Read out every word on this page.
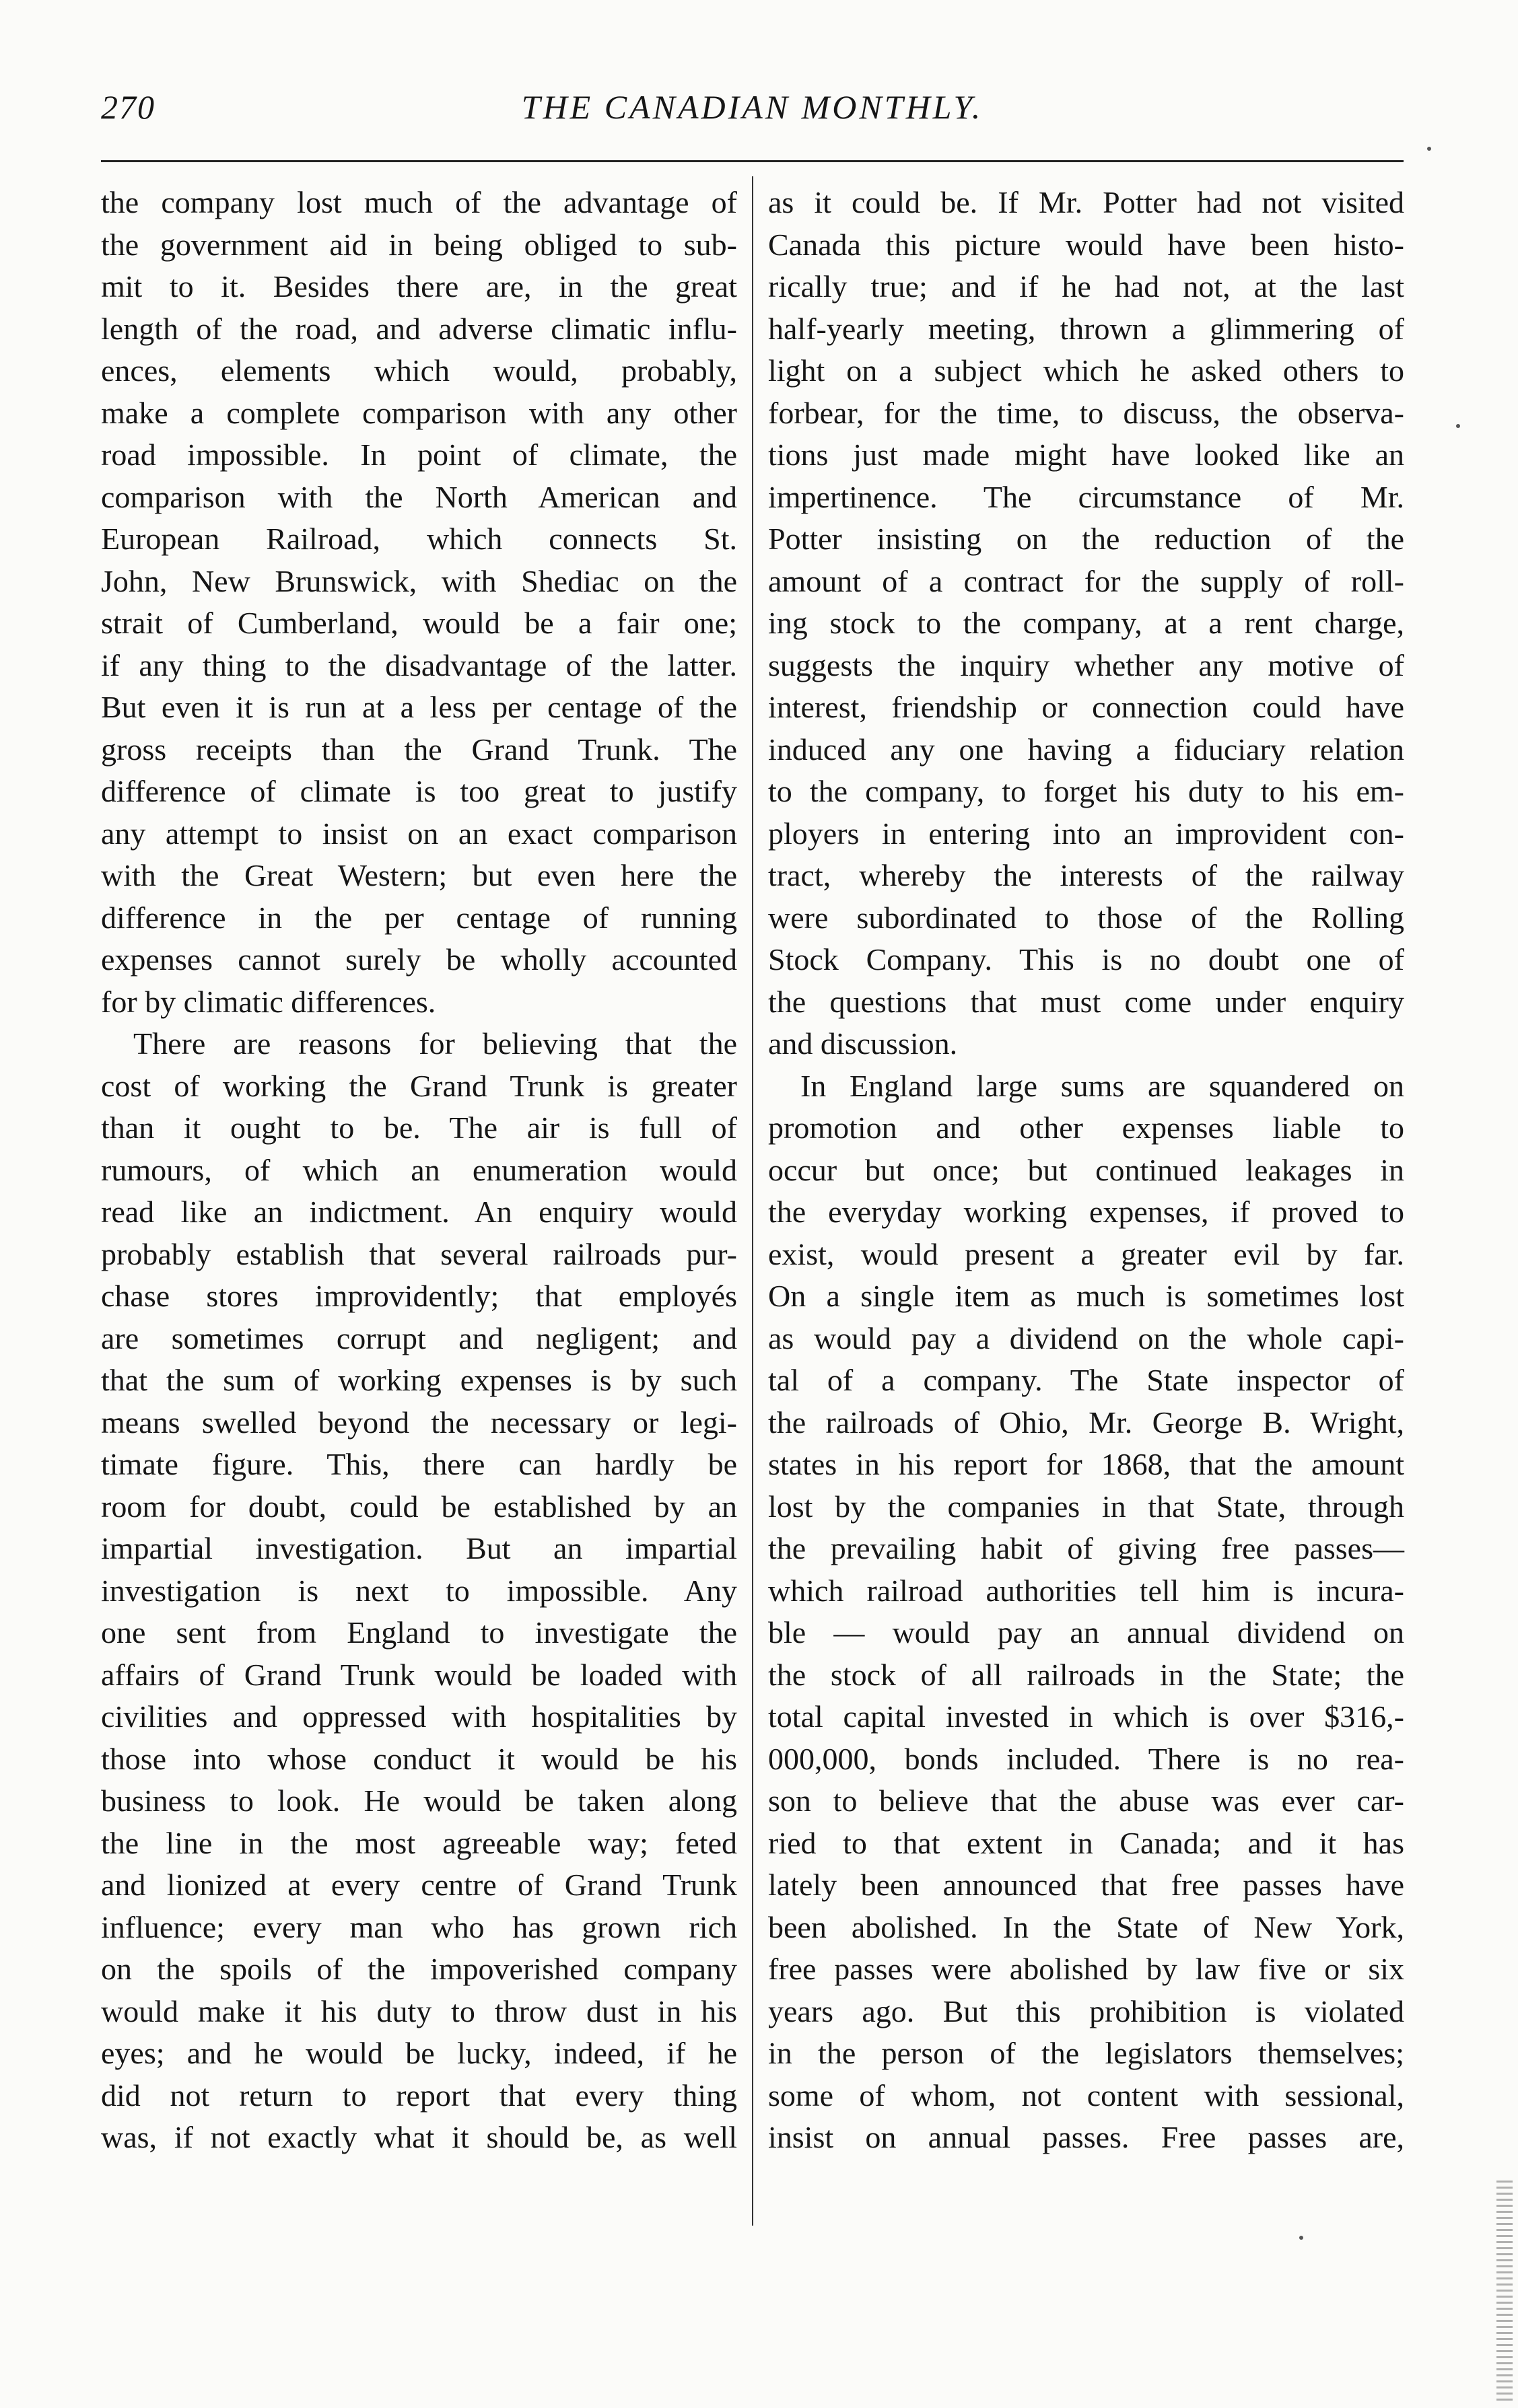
270	THE CANADIAN MONTHLY.
the company lost much of the advantage of
the government aid in being obliged to sub-
mit to it. Besides there are, in the great
length of the road, and adverse climatic influ-
ences, elements which would, probably,
make a complete comparison with any other
road impossible. In point of climate, the
comparison with the North American and
European Railroad, which connects St.
John, New Brunswick, with Shediac on the
strait of Cumberland, would be a fair one;
if any thing to the disadvantage of the latter.
But even it is run at a less per centage of the
gross receipts than the Grand Trunk. The
difference of climate is too great to justify
any attempt to insist on an exact comparison
with the Great Western; but even here the
difference in the per centage of running
expenses cannot surely be wholly accounted
for by climatic differences.
There are reasons for believing that the
cost of working the Grand Trunk is greater
than it ought to be. The air is full of
rumours, of which an enumeration would
read like an indictment. An enquiry would
probably establish that several railroads pur-
chase stores improvidently; that employés
are sometimes corrupt and negligent; and
that the sum of working expenses is by such
means swelled beyond the necessary or legi-
timate figure. This, there can hardly be
room for doubt, could be established by an
impartial investigation. But an impartial
investigation is next to impossible. Any
one sent from England to investigate the
affairs of Grand Trunk would be loaded with
civilities and oppressed with hospitalities by
those into whose conduct it would be his
business to look. He would be taken along
the line in the most agreeable way; feted
and lionized at every centre of Grand Trunk
influence; every man who has grown rich
on the spoils of the impoverished company
would make it his duty to throw dust in his
eyes; and he would be lucky, indeed, if he
did not return to report that every thing
was, if not exactly what it should be, as well
as it could be. If Mr. Potter had not visited
Canada this picture would have been histo-
rically true; and if he had not, at the last
half-yearly meeting, thrown a glimmering of
light on a subject which he asked others to
forbear, for the time, to discuss, the observa-
tions just made might have looked like an
impertinence. The circumstance of Mr.
Potter insisting on the reduction of the
amount of a contract for the supply of roll-
ing stock to the company, at a rent charge,
suggests the inquiry whether any motive of
interest, friendship or connection could have
induced any one having a fiduciary relation
to the company, to forget his duty to his em-
ployers in entering into an improvident con-
tract, whereby the interests of the railway
were subordinated to those of the Rolling
Stock Company. This is no doubt one of
the questions that must come under enquiry
and discussion.
In England large sums are squandered on
promotion and other expenses liable to
occur but once; but continued leakages in
the everyday working expenses, if proved to
exist, would present a greater evil by far.
On a single item as much is sometimes lost
as would pay a dividend on the whole capi-
tal of a company. The State inspector of
the railroads of Ohio, Mr. George B. Wright,
states in his report for 1868, that the amount
lost by the companies in that State, through
the prevailing habit of giving free passes—
which railroad authorities tell him is incura-
ble — would pay an annual dividend on
the stock of all railroads in the State; the
total capital invested in which is over $316,-
000,000, bonds included. There is no rea-
son to believe that the abuse was ever car-
ried to that extent in Canada; and it has
lately been announced that free passes have
been abolished. In the State of New York,
free passes were abolished by law five or six
years ago. But this prohibition is violated
in the person of the legislators themselves;
some of whom, not content with sessional,
insist on annual passes. Free passes are,
